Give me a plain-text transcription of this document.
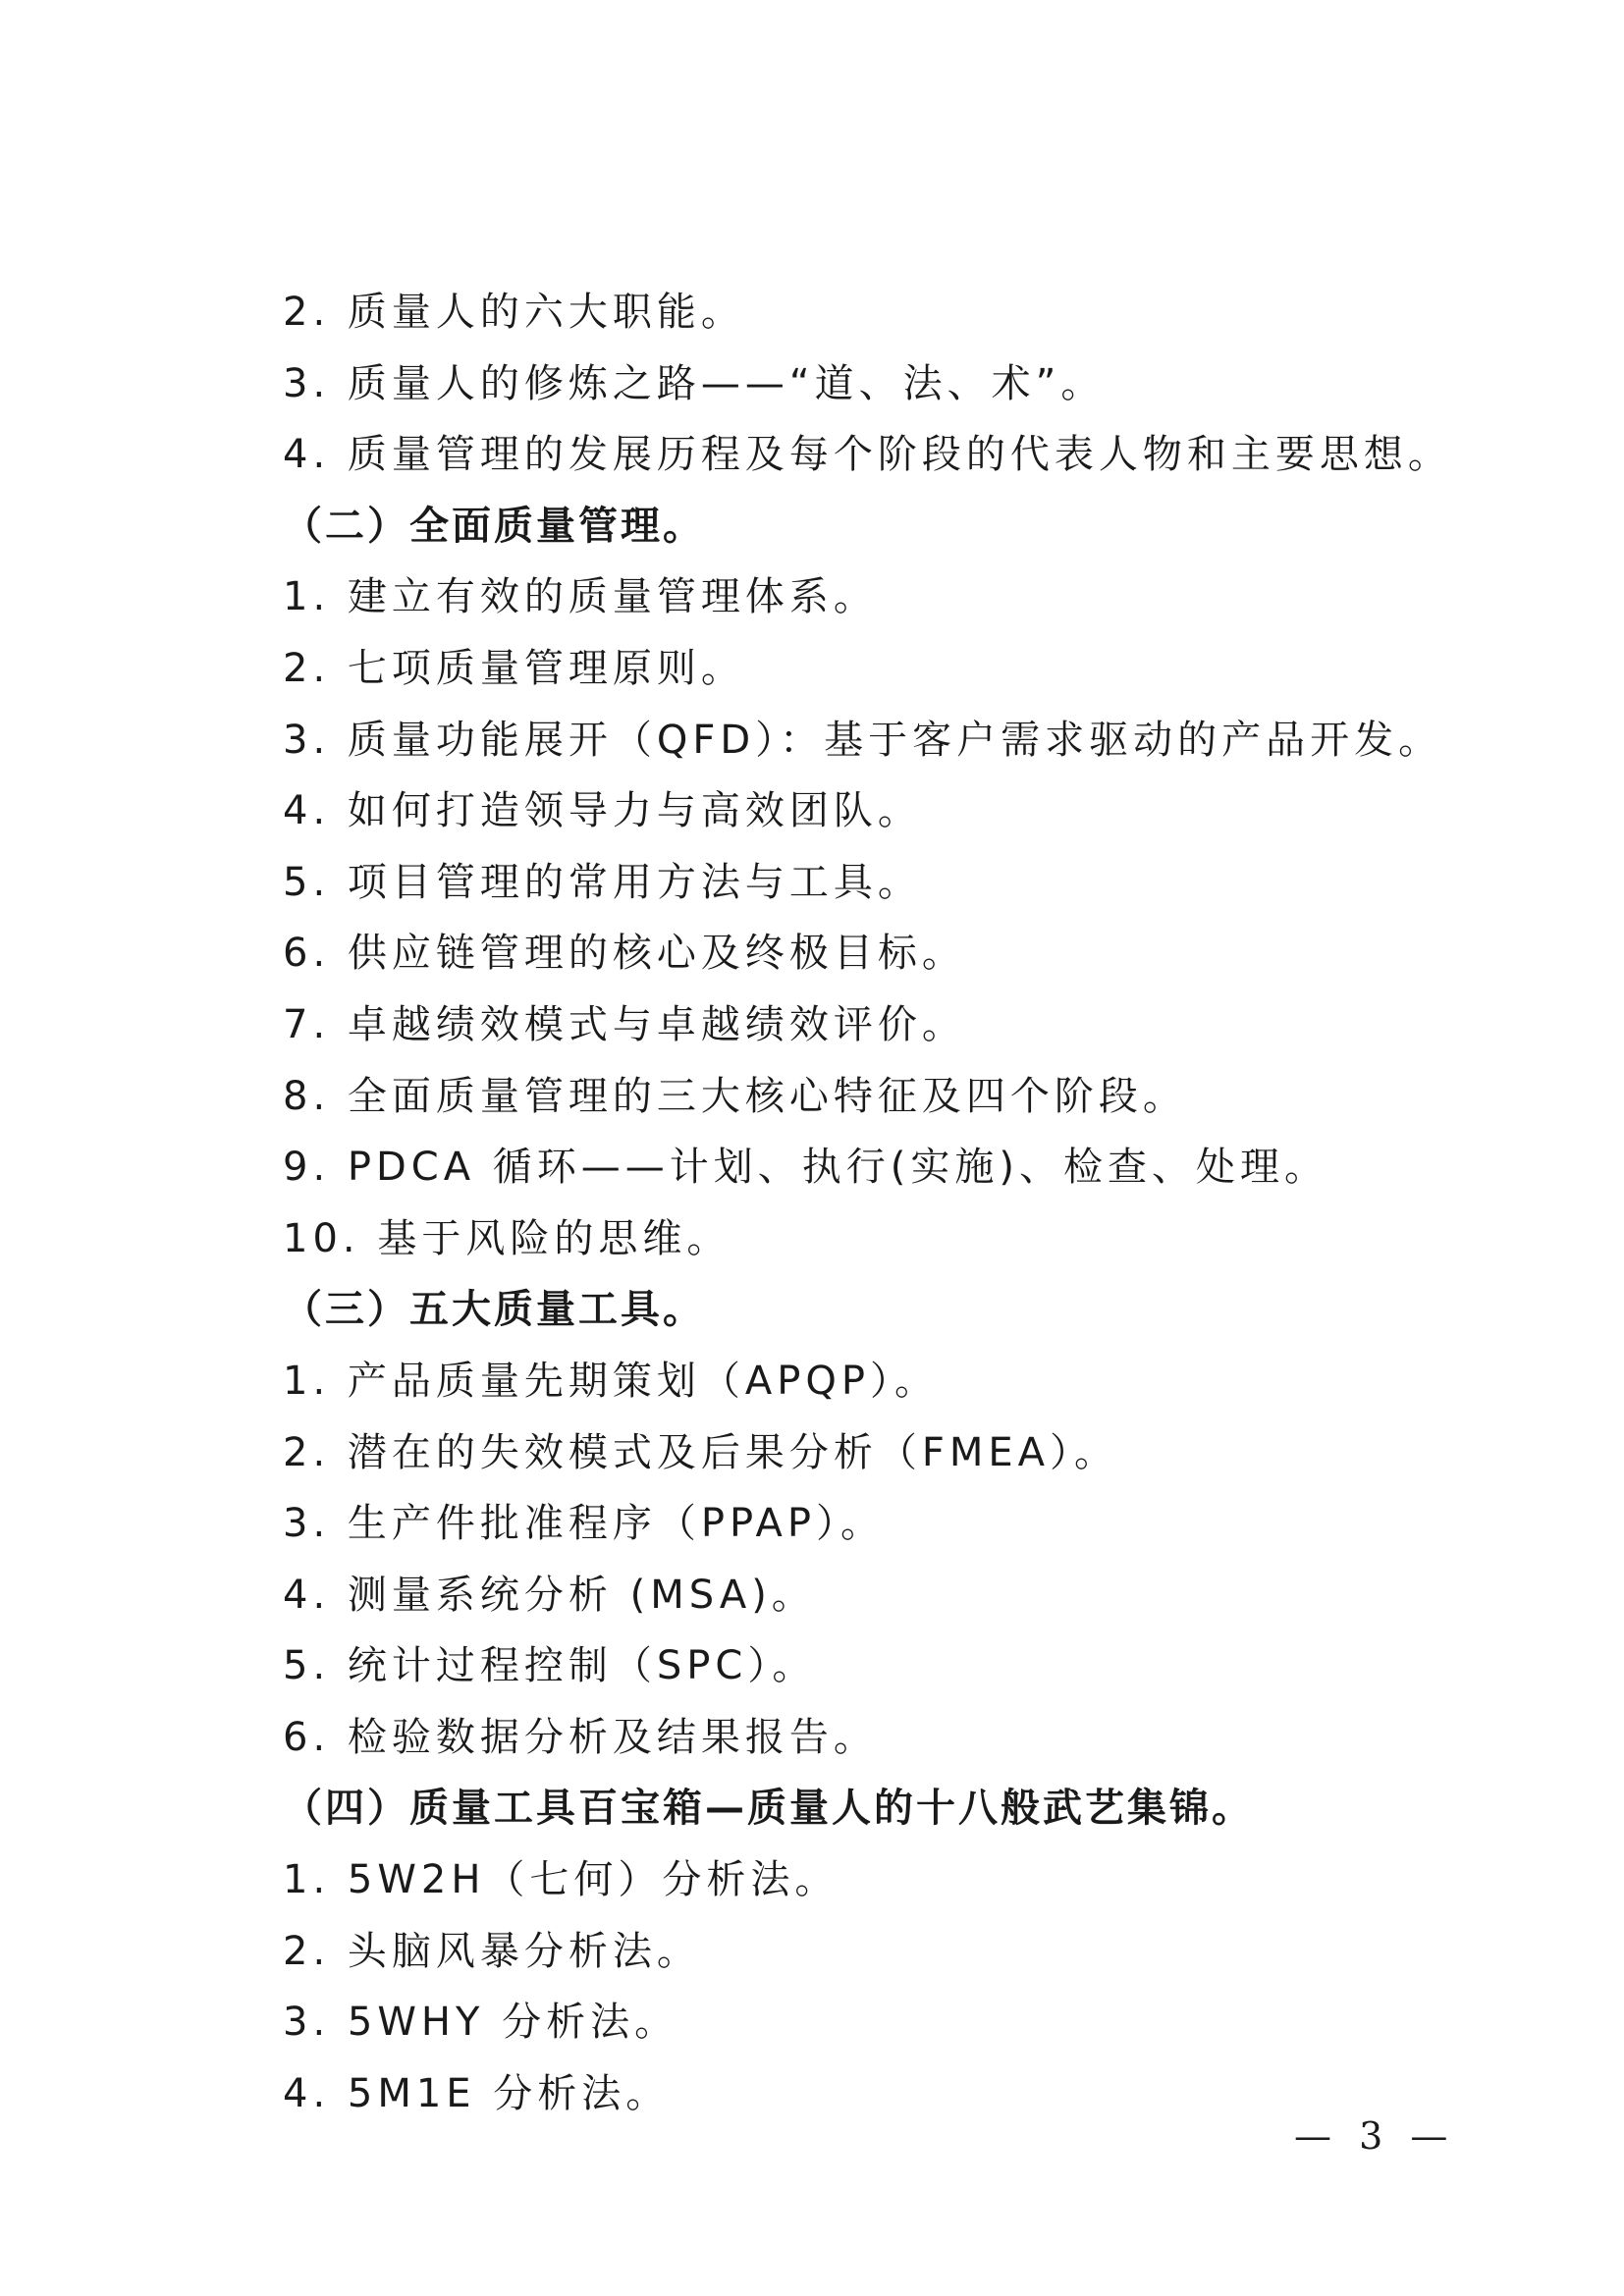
2. 质量人的六大职能。
3. 质量人的修炼之路——“道、法、术”。
4. 质量管理的发展历程及每个阶段的代表人物和主要思想。
（二）全面质量管理。
1. 建立有效的质量管理体系。
2. 七项质量管理原则。
3. 质量功能展开（QFD）：基于客户需求驱动的产品开发。
4. 如何打造领导力与高效团队。
5. 项目管理的常用方法与工具。
6. 供应链管理的核心及终极目标。
7. 卓越绩效模式与卓越绩效评价。
8. 全面质量管理的三大核心特征及四个阶段。
9. PDCA 循环——计划、执行(实施)、检查、处理。
10. 基于风险的思维。
（三）五大质量工具。
1. 产品质量先期策划（APQP）。
2. 潜在的失效模式及后果分析（FMEA）。
3. 生产件批准程序（PPAP）。
4. 测量系统分析 (MSA)。
5. 统计过程控制（SPC）。
6. 检验数据分析及结果报告。
（四）质量工具百宝箱—质量人的十八般武艺集锦。
1. 5W2H（七何）分析法。
2. 头脑风暴分析法。
3. 5WHY 分析法。
4. 5M1E 分析法。
— 3 —
